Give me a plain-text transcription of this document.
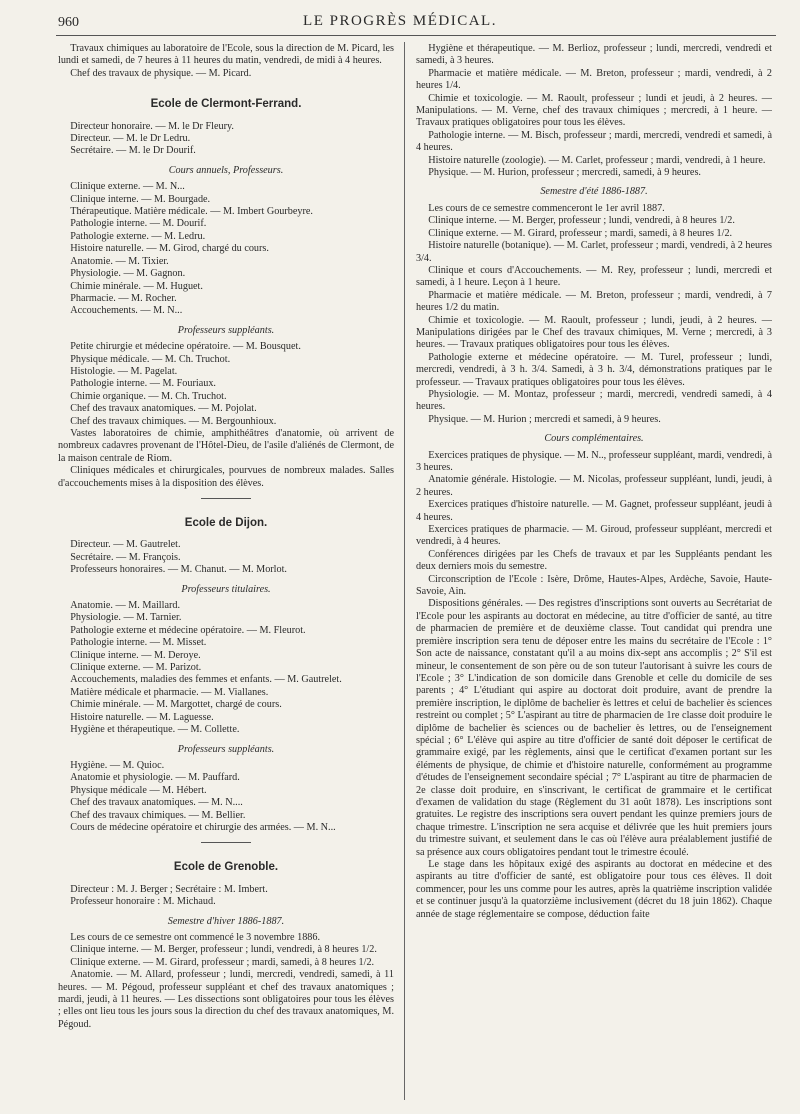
960	LE PROGRÈS MÉDICAL.

Travaux chimiques au laboratoire de l'Ecole, sous la direction de M. Picard, les lundi et samedi, de 7 heures à 11 heures du matin, vendredi, de midi à 4 heures.

Chef des travaux de physique. — M. Picard.

Ecole de Clermont-Ferrand.

Directeur honoraire. — M. le Dr Fleury.

Directeur. — M. le Dr Ledru.

Secrétaire. — M. le Dr Dourif.

Cours annuels, Professeurs.

Clinique externe. — M. N...

Clinique interne. — M. Bourgade.

Thérapeutique. Matière médicale. — M. Imbert Gourbeyre.

Pathologie interne. — M. Dourif.

Pathologie externe. — M. Ledru.

Histoire naturelle. — M. Girod, chargé du cours.

Anatomie. — M. Tixier.

Physiologie. — M. Gagnon.

Chimie minérale. — M. Huguet.

Pharmacie. — M. Rocher.

Accouchements. — M. N...

Professeurs suppléants.

Petite chirurgie et médecine opératoire. — M. Bousquet.

Physique médicale. — M. Ch. Truchot.

Histologie. — M. Pagelat.

Pathologie interne. — M. Fouriaux.

Chimie organique. — M. Ch. Truchot.

Chef des travaux anatomiques. — M. Pojolat.

Chef des travaux chimiques. — M. Bergounhioux.

Vastes laboratoires de chimie, amphithéâtres d'anatomie, où arrivent de nombreux cadavres provenant de l'Hôtel-Dieu, de l'asile d'aliénés de Clermont, de la maison centrale de Riom.

Cliniques médicales et chirurgicales, pourvues de nombreux malades. Salles d'accouchements mises à la disposition des élèves.

Ecole de Dijon.

Directeur. — M. Gautrelet.

Secrétaire. — M. François.

Professeurs honoraires. — M. Chanut. — M. Morlot.

Professeurs titulaires.

Anatomie. — M. Maillard.

Physiologie. — M. Tarnier.

Pathologie externe et médecine opératoire. — M. Fleurot.

Pathologie interne. — M. Misset.

Clinique interne. — M. Deroye.

Clinique externe. — M. Parizot.

Accouchements, maladies des femmes et enfants. — M. Gautrelet.

Matière médicale et pharmacie. — M. Viallanes.

Chimie minérale. — M. Margottet, chargé de cours.

Histoire naturelle. — M. Laguesse.

Hygiène et thérapeutique. — M. Collette.

Professeurs suppléants.

Hygiène. — M. Quioc.

Anatomie et physiologie. — M. Pauffard.

Physique médicale — M. Hébert.

Chef des travaux anatomiques. — M. N....

Chef des travaux chimiques. — M. Bellier.

Cours de médecine opératoire et chirurgie des armées. — M. N...

Ecole de Grenoble.

Directeur : M. J. Berger ; Secrétaire : M. Imbert.

Professeur honoraire : M. Michaud.

Semestre d'hiver 1886-1887.

Les cours de ce semestre ont commencé le 3 novembre 1886.

Clinique interne. — M. Berger, professeur ; lundi, vendredi, à 8 heures 1/2.

Clinique externe. — M. Girard, professeur ; mardi, samedi, à 8 heures 1/2.

Anatomie. — M. Allard, professeur ; lundi, mercredi, vendredi, samedi, à 11 heures. — M. Pégoud, professeur suppléant et chef des travaux anatomiques ; mardi, jeudi, à 11 heures. — Les dissections sont obligatoires pour tous les élèves ; elles ont lieu tous les jours sous la direction du chef des travaux anatomiques, M. Pégoud.

Hygiène et thérapeutique. — M. Berlioz, professeur ; lundi, mercredi, vendredi et samedi, à 3 heures.

Pharmacie et matière médicale. — M. Breton, professeur ; mardi, vendredi, à 2 heures 1/4.

Chimie et toxicologie. — M. Raoult, professeur ; lundi et jeudi, à 2 heures. — Manipulations. — M. Verne, chef des travaux chimiques ; mercredi, à 1 heure. — Travaux pratiques obligatoires pour tous les élèves.

Pathologie interne. — M. Bisch, professeur ; mardi, mercredi, vendredi et samedi, à 4 heures.

Histoire naturelle (zoologie). — M. Carlet, professeur ; mardi, vendredi, à 1 heure.

Physique. — M. Hurion, professeur ; mercredi, samedi, à 9 heures.

Semestre d'été 1886-1887.

Les cours de ce semestre commenceront le 1er avril 1887.

Clinique interne. — M. Berger, professeur ; lundi, vendredi, à 8 heures 1/2.

Clinique externe. — M. Girard, professeur ; mardi, samedi, à 8 heures 1/2.

Histoire naturelle (botanique). — M. Carlet, professeur ; mardi, vendredi, à 2 heures 3/4.

Clinique et cours d'Accouchements. — M. Rey, professeur ; lundi, mercredi et samedi, à 1 heure. Leçon à 1 heure.

Pharmacie et matière médicale. — M. Breton, professeur ; mardi, vendredi, à 7 heures 1/2 du matin.

Chimie et toxicologie. — M. Raoult, professeur ; lundi, jeudi, à 2 heures. — Manipulations dirigées par le Chef des travaux chimiques, M. Verne ; mercredi, à 3 heures. — Travaux pratiques obligatoires pour tous les élèves.

Pathologie externe et médecine opératoire. — M. Turel, professeur ; lundi, mercredi, vendredi, à 3 h. 3/4. Samedi, à 3 h. 3/4, démonstrations pratiques par le professeur. — Travaux pratiques obligatoires pour tous les élèves.

Physiologie. — M. Montaz, professeur ; mardi, mercredi, vendredi samedi, à 4 heures.

Physique. — M. Hurion ; mercredi et samedi, à 9 heures.

Cours complémentaires.

Exercices pratiques de physique. — M. N.., professeur suppléant, mardi, vendredi, à 3 heures.

Anatomie générale. Histologie. — M. Nicolas, professeur suppléant, lundi, jeudi, à 2 heures.

Exercices pratiques d'histoire naturelle. — M. Gagnet, professeur suppléant, jeudi à 4 heures.

Exercices pratiques de pharmacie. — M. Giroud, professeur suppléant, mercredi et vendredi, à 4 heures.

Conférences dirigées par les Chefs de travaux et par les Suppléants pendant les deux derniers mois du semestre.

Circonscription de l'Ecole : Isère, Drôme, Hautes-Alpes, Ardèche, Savoie, Haute-Savoie, Ain.

Dispositions générales. — Des registres d'inscriptions sont ouverts au Secrétariat de l'Ecole pour les aspirants au doctorat en médecine, au titre d'officier de santé, au titre de pharmacien de première et de deuxième classe. Tout candidat qui prendra une première inscription sera tenu de déposer entre les mains du secrétaire de l'Ecole : 1° Son acte de naissance, constatant qu'il a au moins dix-sept ans accomplis ; 2° S'il est mineur, le consentement de son père ou de son tuteur l'autorisant à suivre les cours de l'Ecole ; 3° L'indication de son domicile dans Grenoble et celle du domicile de ses parents ; 4° L'étudiant qui aspire au doctorat doit produire, avant de prendre la première inscription, le diplôme de bachelier ès lettres et celui de bachelier ès sciences restreint ou complet ; 5° L'aspirant au titre de pharmacien de 1re classe doit produire le diplôme de bachelier ès sciences ou de bachelier ès lettres, ou de l'enseignement spécial ; 6° L'élève qui aspire au titre d'officier de santé doit déposer le certificat de grammaire exigé, par les règlements, ainsi que le certificat d'examen portant sur les éléments de physique, de chimie et d'histoire naturelle, conformément au programme d'études de l'enseignement secondaire spécial ; 7° L'aspirant au titre de pharmacien de 2e classe doit produire, en s'inscrivant, le certificat de grammaire et le certificat d'examen de validation du stage (Règlement du 31 août 1878). Les inscriptions sont gratuites. Le registre des inscriptions sera ouvert pendant les quinze premiers jours de chaque trimestre. L'inscription ne sera acquise et délivrée que les huit premiers jours du trimestre suivant, et seulement dans le cas où l'élève aura préalablement justifié de sa présence aux cours obligatoires pendant tout le trimestre écoulé.

Le stage dans les hôpitaux exigé des aspirants au doctorat en médecine et des aspirants au titre d'officier de santé, est obligatoire pour tous ces élèves. Il doit commencer, pour les uns comme pour les autres, après la quatrième inscription validée et se continuer jusqu'à la quatorzième inclusivement (décret du 18 juin 1862). Chaque année de stage réglementaire se compose, déduction faite
